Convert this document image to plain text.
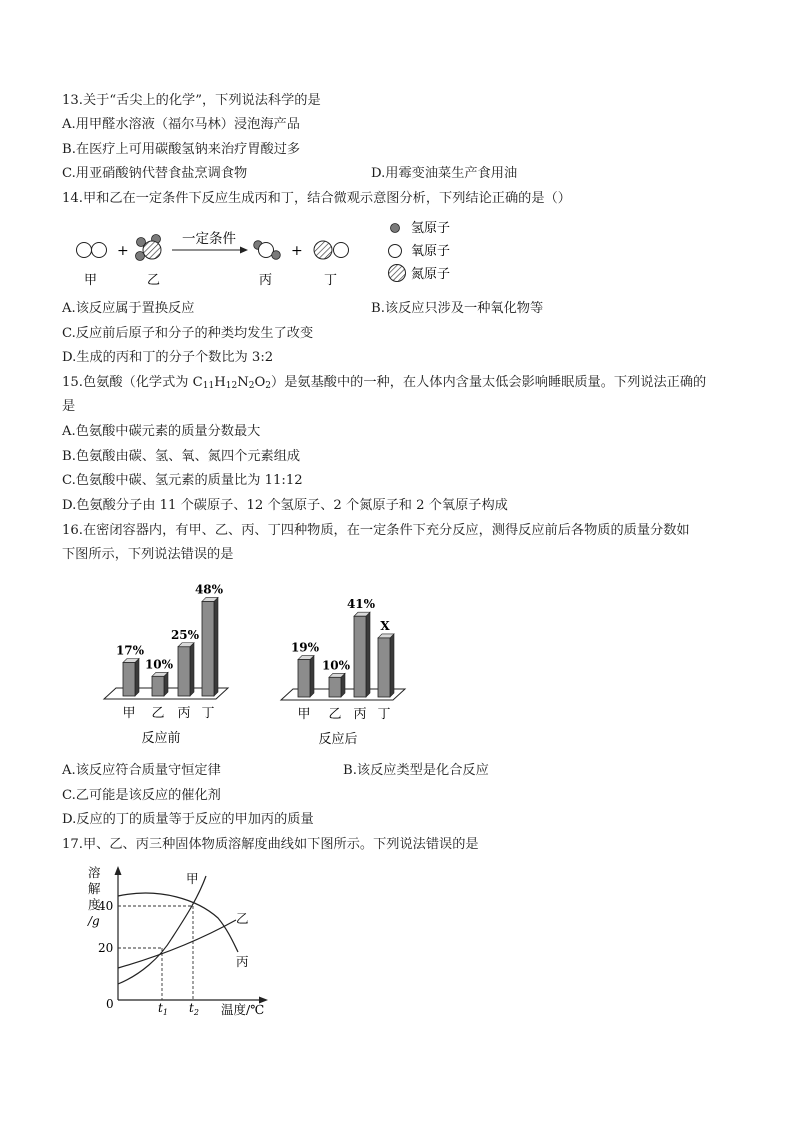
13.关于“舌尖上的化学”，下列说法科学的是
A.用甲醛水溶液（福尔马林）浸泡海产品
B.在医疗上可用碳酸氢钠来治疗胃酸过多
C.用亚硝酸钠代替食盐烹调食物	D.用霉变油菜生产食用油
14.甲和乙在一定条件下反应生成丙和丁，结合微观示意图分析，下列结论正确的是（）
+
一定条件
+
甲	乙	丙	丁
氢原子
氧原子
氮原子
A.该反应属于置换反应	B.该反应只涉及一种氧化物等
C.反应前后原子和分子的种类均发生了改变
D.生成的丙和丁的分子个数比为 3:2
15.色氨酸（化学式为 $C_{11}H_{12}N_2O_2$）是氨基酸中的一种，在人体内含量太低会影响睡眠质量。下列说法正确的
是
A.色氨酸中碳元素的质量分数最大
B.色氨酸由碳、氢、氧、氮四个元素组成
C.色氨酸中碳、氢元素的质量比为 11:12
D.色氨酸分子由 11 个碳原子、12 个氢原子、2 个氮原子和 2 个氧原子构成
16.在密闭容器内，有甲、乙、丙、丁四种物质，在一定条件下充分反应，测得反应前后各物质的质量分数如
下图所示，下列说法错误的是
17%
甲
10%
乙
25%
丙
48%
丁
反应前
19%
甲
10%
乙
41%
丙
X
丁
反应后
A.该反应符合质量守恒定律	B.该反应类型是化合反应
C.乙可能是该反应的催化剂
D.反应的丁的质量等于反应的甲加丙的质量
17.甲、乙、丙三种固体物质溶解度曲线如下图所示。下列说法错误的是
溶
解
度
/g
40
20
0	$t_1$ $t_2$ 温度/℃
甲
乙
丙
